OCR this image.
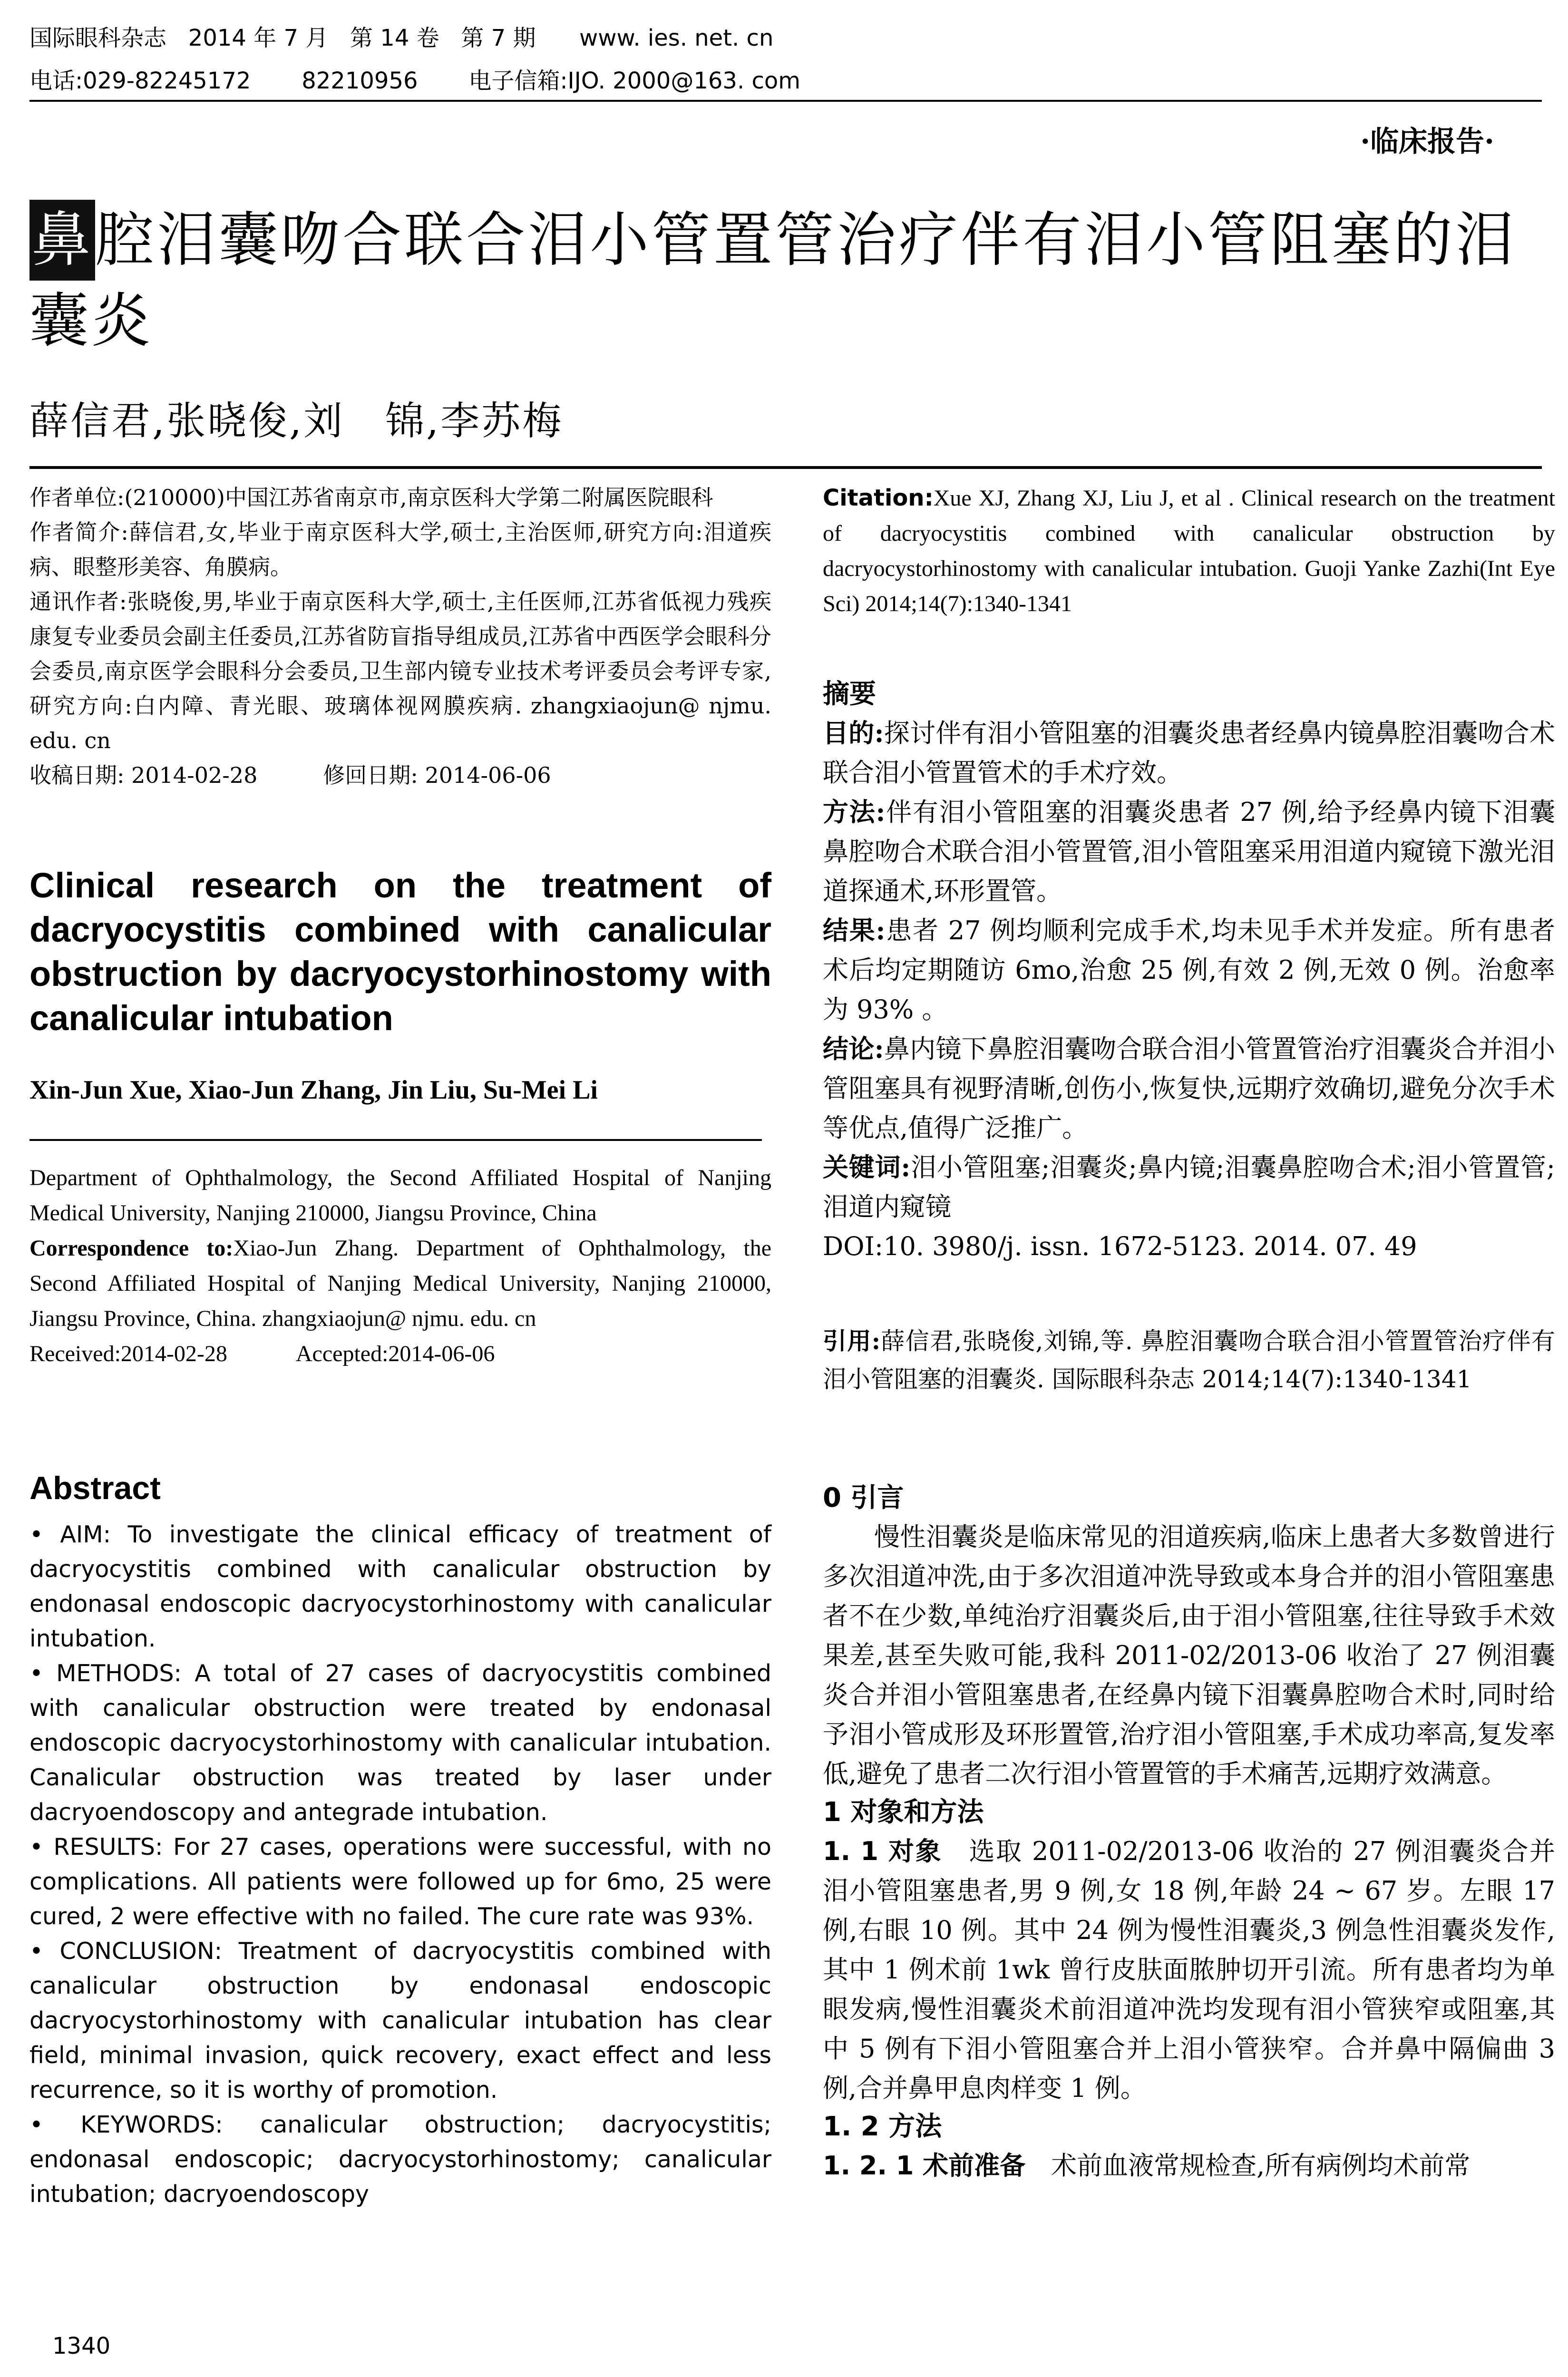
国际眼科杂志   2014 年 7 月   第 14 卷   第 7 期      www. ies. net. cn
电话:029-82245172       82210956       电子信箱:IJO. 2000@163. com
·临床报告·
鼻腔泪囊吻合联合泪小管置管治疗伴有泪小管阻塞的泪囊炎
薛信君,张晓俊,刘　锦,李苏梅

作者单位:(210000)中国江苏省南京市,南京医科大学第二附属医院眼科

作者简介:薛信君,女,毕业于南京医科大学,硕士,主治医师,研究方向:泪道疾病、眼整形美容、角膜病。

通讯作者:张晓俊,男,毕业于南京医科大学,硕士,主任医师,江苏省低视力残疾康复专业委员会副主任委员,江苏省防盲指导组成员,江苏省中西医学会眼科分会委员,南京医学会眼科分会委员,卫生部内镜专业技术考评委员会考评专家,研究方向:白内障、青光眼、玻璃体视网膜疾病. zhangxiaojun@ njmu. edu. cn

收稿日期: 2014-02-28　　　修回日期: 2014-06-06

Clinical research on the treatment of dacryocystitis combined with canalicular obstruction by dacryocystorhinostomy with canalicular intubation
Xin-Jun Xue, Xiao-Jun Zhang, Jin Liu, Su-Mei Li

Department of Ophthalmology, the Second Affiliated Hospital of Nanjing Medical University, Nanjing 210000, Jiangsu Province, China

Correspondence to:Xiao-Jun Zhang. Department of Ophthalmology, the Second Affiliated Hospital of Nanjing Medical University, Nanjing 210000, Jiangsu Province, China. zhangxiaojun@ njmu. edu. cn

Received:2014-02-28　　　Accepted:2014-06-06

Abstract

• AIM: To investigate the clinical efficacy of treatment of dacryocystitis combined with canalicular obstruction by endonasal endoscopic dacryocystorhinostomy with canalicular intubation.

• METHODS: A total of 27 cases of dacryocystitis combined with canalicular obstruction were treated by endonasal endoscopic dacryocystorhinostomy with canalicular intubation. Canalicular obstruction was treated by laser under dacryoendoscopy and antegrade intubation.

• RESULTS: For 27 cases, operations were successful, with no complications. All patients were followed up for 6mo, 25 were cured, 2 were effective with no failed. The cure rate was 93%.

• CONCLUSION: Treatment of dacryocystitis combined with canalicular obstruction by endonasal endoscopic dacryocystorhinostomy with canalicular intubation has clear field, minimal invasion, quick recovery, exact effect and less recurrence, so it is worthy of promotion.

• KEYWORDS: canalicular obstruction; dacryocystitis; endonasal endoscopic; dacryocystorhinostomy; canalicular intubation; dacryoendoscopy

Citation:Xue XJ, Zhang XJ, Liu J, et al . Clinical research on the treatment of dacryocystitis combined with canalicular obstruction by dacryocystorhinostomy with canalicular intubation. Guoji Yanke Zazhi(Int Eye Sci) 2014;14(7):1340-1341

摘要

目的:探讨伴有泪小管阻塞的泪囊炎患者经鼻内镜鼻腔泪囊吻合术联合泪小管置管术的手术疗效。

方法:伴有泪小管阻塞的泪囊炎患者 27 例,给予经鼻内镜下泪囊鼻腔吻合术联合泪小管置管,泪小管阻塞采用泪道内窥镜下激光泪道探通术,环形置管。

结果:患者 27 例均顺利完成手术,均未见手术并发症。所有患者术后均定期随访 6mo,治愈 25 例,有效 2 例,无效 0 例。治愈率为 93% 。

结论:鼻内镜下鼻腔泪囊吻合联合泪小管置管治疗泪囊炎合并泪小管阻塞具有视野清晰,创伤小,恢复快,远期疗效确切,避免分次手术等优点,值得广泛推广。

关键词:泪小管阻塞;泪囊炎;鼻内镜;泪囊鼻腔吻合术;泪小管置管;泪道内窥镜

DOI:10. 3980/j. issn. 1672-5123. 2014. 07. 49

引用:薛信君,张晓俊,刘锦,等. 鼻腔泪囊吻合联合泪小管置管治疗伴有泪小管阻塞的泪囊炎. 国际眼科杂志 2014;14(7):1340-1341

0 引言

慢性泪囊炎是临床常见的泪道疾病,临床上患者大多数曾进行多次泪道冲洗,由于多次泪道冲洗导致或本身合并的泪小管阻塞患者不在少数,单纯治疗泪囊炎后,由于泪小管阻塞,往往导致手术效果差,甚至失败可能,我科 2011-02/2013-06 收治了 27 例泪囊炎合并泪小管阻塞患者,在经鼻内镜下泪囊鼻腔吻合术时,同时给予泪小管成形及环形置管,治疗泪小管阻塞,手术成功率高,复发率低,避免了患者二次行泪小管置管的手术痛苦,远期疗效满意。

1 对象和方法

1. 1 对象　选取 2011-02/2013-06 收治的 27 例泪囊炎合并泪小管阻塞患者,男 9 例,女 18 例,年龄 24 ~ 67 岁。左眼 17 例,右眼 10 例。其中 24 例为慢性泪囊炎,3 例急性泪囊炎发作,其中 1 例术前 1wk 曾行皮肤面脓肿切开引流。所有患者均为单眼发病,慢性泪囊炎术前泪道冲洗均发现有泪小管狭窄或阻塞,其中 5 例有下泪小管阻塞合并上泪小管狭窄。合并鼻中隔偏曲 3 例,合并鼻甲息肉样变 1 例。

1. 2 方法

1. 2. 1 术前准备　术前血液常规检查,所有病例均术前常

1340
